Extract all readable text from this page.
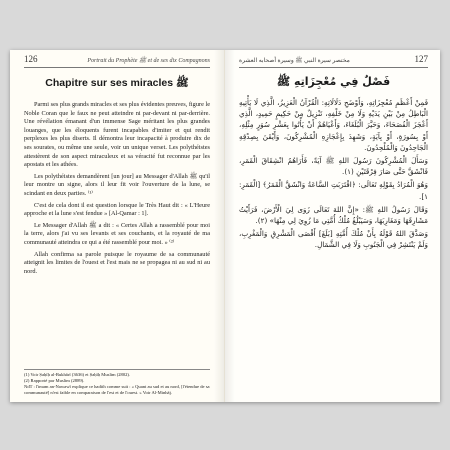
126	Portrait du Prophète ﷺ et de ses dix Compagnons
Chapitre sur ses miracles ﷺ

Parmi ses plus grands miracles et ses plus évidentes preuves, figure le Noble Coran que le faux ne peut atteindre ni par-devant ni par-derrière. Une révélation émanant d'un immense Sage méritant les plus grandes louanges, que les éloquents furent incapables d'imiter et qui rendit perplexes les plus diserts. Il démontra leur incapacité à produire dix de ses sourates, ou même une seule, voir un unique verset. Les polythéistes attestèrent de son aspect miraculeux et sa véracité fut reconnue par les apostats et les athées.

Les polythéistes demandèrent [un jour] au Messager d'Allah ﷺ qu'il leur montre un signe, alors il leur fit voir l'ouverture de la lune, se scindant en deux parties. ⁽¹⁾

C'est de cela dont il est question lorsque le Très Haut dit : « L'Heure approche et la lune s'est fendue » [Al-Qamar : 1].

Le Messager d'Allah ﷺ a dit : « Certes Allah a rassemblé pour moi la terre, alors j'ai vu ses levants et ses couchants, et la royauté de ma communauté atteindra ce qui a été rassemblé pour moi. » ⁽²⁾

Allah confirma sa parole puisque le royaume de sa communauté atteignit les limites de l'ouest et l'est mais ne se propagea ni au sud ni au nord.

(1) Voir Ṣaḥīḥ al-Bukhārī (3636) et Ṣaḥīḥ Muslim (2802).

(2) Rapporté par Muslim (2889).

NdT : l'imam an-Nawawī explique ce hadith comme suit : « Quant au sud et au nord, [l'étendue de sa communauté] n'est faible en comparaison de l'est et de l'ouest. » Voir Al-Minhāj.

127
مختصر سيرة النبي ﷺ وسيرة أصحابه العشرة
فَصْلٌ فِي مُعْجِزَاتِهِ ﷺ

فَمِنْ أَعْظَمِ مُعْجِزَاتِهِ، وَأَوْضَحِ دَلَالَاتِهِ: الْقُرْآنُ الْعَزِيزُ، الَّذِي لَا يَأْتِيهِ الْبَاطِلُ مِنْ بَيْنِ يَدَيْهِ وَلَا مِنْ خَلْفِهِ، تَنْزِيلٌ مِنْ حَكِيمٍ حَمِيدٍ، الَّذِي أَعْجَزَ الْفُصَحَاءَ، وَحَيَّرَ الْبُلَغَاءَ، وَأَعْيَاهُمْ أَنْ يَأْتُوا بِعَشْرِ سُوَرٍ مِثْلِهِ، أَوْ بِسُورَةٍ، أَوْ بِآيَةٍ، وَشَهِدَ بِإِعْجَازِهِ الْمُشْرِكُونَ، وَأَيْقَنَ بِصِدْقِهِ الْجَاحِدُونَ وَالْمُلْحِدُونَ.

وَسَأَلَ الْمُشْرِكُونَ رَسُولَ اللهِ ﷺ آيَةً، فَأَرَاهُمُ انْشِقَاقَ الْقَمَرِ، فَانْشَقَّ حَتَّى صَارَ فِرْقَتَيْنِ (١).

وَهُوَ الْمُرَادُ بِقَوْلِهِ تَعَالَى: ﴿اقْتَرَبَتِ السَّاعَةُ وَانْشَقَّ الْقَمَرُ﴾ [الْقَمَرِ: ١].

وَقَالَ رَسُولُ اللهِ ﷺ: «إِنَّ اللهَ تَعَالَى زَوَى لِيَ الْأَرْضَ، فَرَأَيْتُ مَشَارِقَهَا وَمَغَارِبَهَا، وَسَيَبْلُغُ مُلْكُ أُمَّتِي مَا زُوِيَ لِي مِنْهَا» (٢).

وَصَدَّقَ اللهُ قَوْلَهُ بِأَنْ مُلْكَ أُمَّتِهِ [بَلَغَ] أَقْصَى الْمَشْرِقِ وَالْمَغْرِبِ، وَلَمْ يَنْتَشِرْ فِي الْجَنُوبِ وَلَا فِي الشَّمَالِ.
